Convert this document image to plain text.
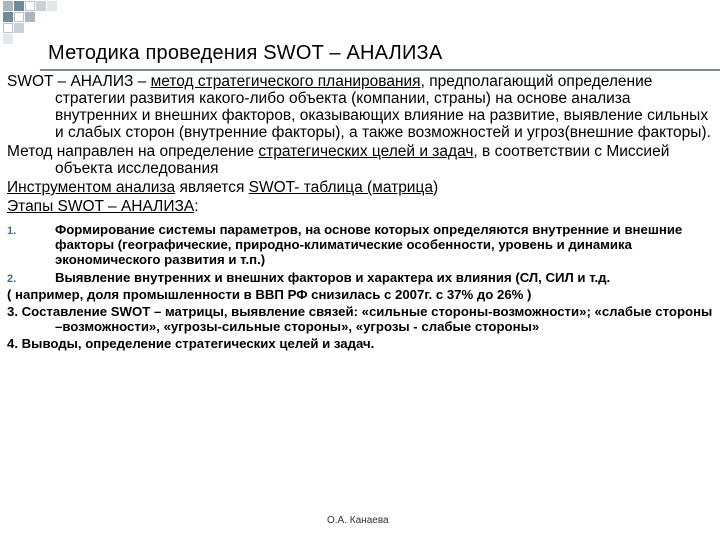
Методика проведения SWOT – АНАЛИЗА

SWOT – АНАЛИЗ – метод стратегического планирования, предполагающий определение стратегии развития какого-либо объекта (компании, страны) на основе анализа внутренних и внешних факторов, оказывающих влияние на развитие, выявление сильных и слабых сторон (внутренние факторы), а также возможностей и угроз(внешние факторы).

Метод направлен на определение стратегических целей и задач, в соответствии с Миссией объекта исследования

Инструментом анализа является SWOT- таблица (матрица)

Этапы SWOT – АНАЛИЗА:

1.	Формирование системы параметров, на основе которых определяются внутренние и внешние факторы (географические, природно-климатические особенности, уровень и динамика экономического развития и т.п.)

2.	Выявление внутренних и внешних факторов и характера их влияния (СЛ, СИЛ и т.д.

( например, доля промышленности в ВВП РФ снизилась с 2007г. с 37% до 26% )

3. Составление SWOT – матрицы, выявление связей: «сильные стороны-возможности»; «слабые стороны –возможности», «угрозы-сильные стороны», «угрозы - слабые стороны»

4. Выводы, определение стратегических целей и задач.

О.А. Канаева
